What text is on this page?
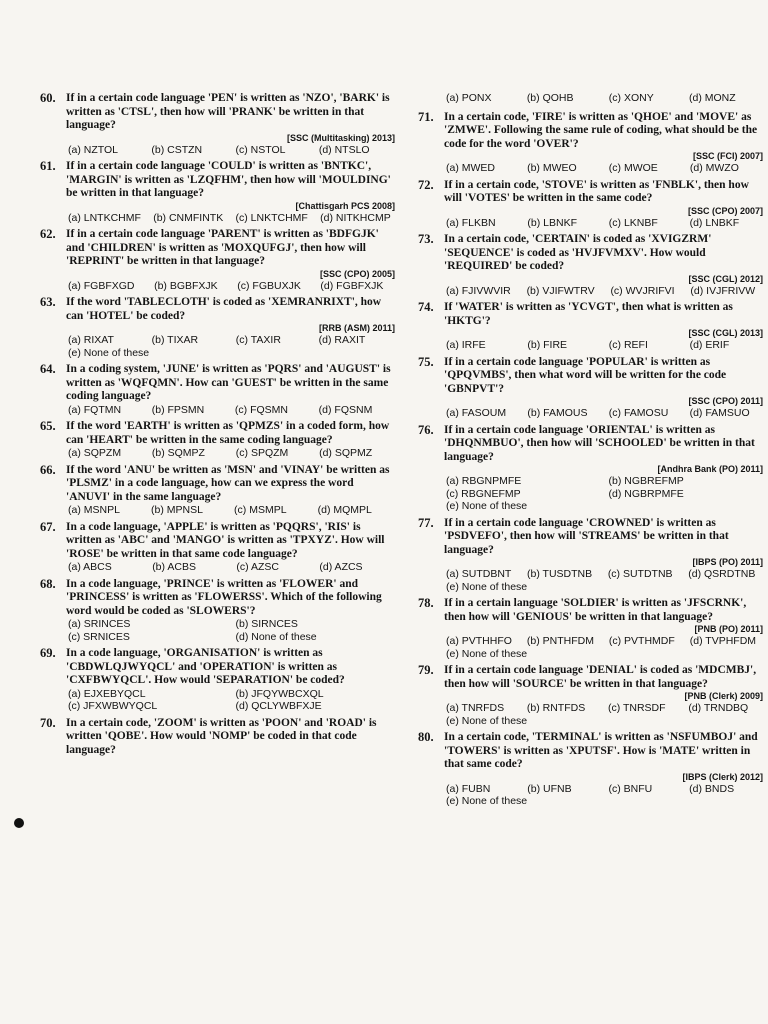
60. If in a certain code language 'PEN' is written as 'NZO', 'BARK' is written as 'CTSL', then how will 'PRANK' be written in that language?
[SSC (Multitasking) 2013]
(a) NZTOL	(b) CSTZN	(c) NSTOL	(d) NTSLO
61. If in a certain code language 'COULD' is written as 'BNTKC', 'MARGIN' is written as 'LZQFHM', then how will 'MOULDING' be written in that language?
[Chattisgarh PCS 2008]
(a) LNTKCHMF	(b) CNMFINTK	(c) LNKTCHMF	(d) NITKHCMP
62. If in a certain code language 'PARENT' is written as 'BDFGJK' and 'CHILDREN' is written as 'MOXQUFGJ', then how will 'REPRINT' be written in that language?
[SSC (CPO) 2005]
(a) FGBFXGD	(b) BGBFXJK	(c) FGBUXJK	(d) FGBFXJK
63. If the word 'TABLECLOTH' is coded as 'XEMRANRIXT', how can 'HOTEL' be coded?
[RRB (ASM) 2011]
(a) RIXAT	(b) TIXAR	(c) TAXIR	(d) RAXIT
(e) None of these
64. In a coding system, 'JUNE' is written as 'PQRS' and 'AUGUST' is written as 'WQFQMN'. How can 'GUEST' be written in the same coding language?
(a) FQTMN	(b) FPSMN	(c) FQSMN	(d) FQSNM
65. If the word 'EARTH' is written as 'QPMZS' in a coded form, how can 'HEART' be written in the same coding language?
(a) SQPZM	(b) SQMPZ	(c) SPQZM	(d) SQPMZ
66. If the word 'ANU' be written as 'MSN' and 'VINAY' be written as 'PLSMZ' in a code language, how can we express the word 'ANUVI' in the same language?
(a) MSNPL	(b) MPNSL	(c) MSMPL	(d) MQMPL
67. In a code language, 'APPLE' is written as 'PQQRS', 'RIS' is written as 'ABC' and 'MANGO' is written as 'TPXYZ'. How will 'ROSE' be written in that same code language?
(a) ABCS	(b) ACBS	(c) AZSC	(d) AZCS
68. In a code language, 'PRINCE' is written as 'FLOWER' and 'PRINCESS' is written as 'FLOWERSS'. Which of the following word would be coded as 'SLOWERS'?
(a) SRINCES	(b) SIRNCES
(c) SRNICES	(d) None of these
69. In a code language, 'ORGANISATION' is written as 'CBDWLQJWYQCL' and 'OPERATION' is written as 'CXFBWYQCL'. How would 'SEPARATION' be coded?
(a) EJXEBYQCL	(b) JFQYWBCXQL
(c) JFXWBWYQCL	(d) QCLYWBFXJE
70. In a certain code, 'ZOOM' is written as 'POON' and 'ROAD' is written 'QOBE'. How would 'NOMP' be coded in that code language?
(a) PONX	(b) QOHB	(c) XONY	(d) MONZ
71. In a certain code, 'FIRE' is written as 'QHOE' and 'MOVE' as 'ZMWE'. Following the same rule of coding, what should be the code for the word 'OVER'?
[SSC (FCI) 2007]
(a) MWED	(b) MWEO	(c) MWOE	(d) MWZO
72. If in a certain code, 'STOVE' is written as 'FNBLK', then how will 'VOTES' be written in the same code?
[SSC (CPO) 2007]
(a) FLKBN	(b) LBNKF	(c) LKNBF	(d) LNBKF
73. In a certain code, 'CERTAIN' is coded as 'XVIGZRM' 'SEQUENCE' is coded as 'HVJFVMXV'. How would 'REQUIRED' be coded?
[SSC (CGL) 2012]
(a) FJIVWVIR	(b) VJIFWTRV	(c) WVJRIFVI	(d) IVJFRIVW
74. If 'WATER' is written as 'YCVGT', then what is written as 'HKTG'?
[SSC (CGL) 2013]
(a) IRFE	(b) FIRE	(c) REFI	(d) ERIF
75. If in a certain code language 'POPULAR' is written as 'QPQVMBS', then what word will be written for the code 'GBNPVT'?
[SSC (CPO) 2011]
(a) FASOUM	(b) FAMOUS	(c) FAMOSU	(d) FAMSUO
76. If in a certain code language 'ORIENTAL' is written as 'DHQNMBUO', then how will 'SCHOOLED' be written in that language?
[Andhra Bank (PO) 2011]
(a) RBGNPMFE	(b) NGBREFMP
(c) RBGNEFMP	(d) NGBRPMFE
(e) None of these
77. If in a certain code language 'CROWNED' is written as 'PSDVEFO', then how will 'STREAMS' be written in that language?
[IBPS (PO) 2011]
(a) SUTDBNT	(b) TUSDTNB	(c) SUTDTNB	(d) QSRDTNB
(e) None of these
78. If in a certain language 'SOLDIER' is written as 'JFSCRNK', then how will 'GENIOUS' be written in that language?
[PNB (PO) 2011]
(a) PVTHHFO	(b) PNTHFDM	(c) PVTHMDF	(d) TVPHFDM
(e) None of these
79. If in a certain code language 'DENIAL' is coded as 'MDCMBJ', then how will 'SOURCE' be written in that language?
[PNB (Clerk) 2009]
(a) TNRFDS	(b) RNTFDS	(c) TNRSDF	(d) TRNDBQ
(e) None of these
80. In a certain code, 'TERMINAL' is written as 'NSFUMBOJ' and 'TOWERS' is written as 'XPUTSF'. How is 'MATE' written in that same code?
[IBPS (Clerk) 2012]
(a) FUBN	(b) UFNB	(c) BNFU	(d) BNDS
(e) None of these
